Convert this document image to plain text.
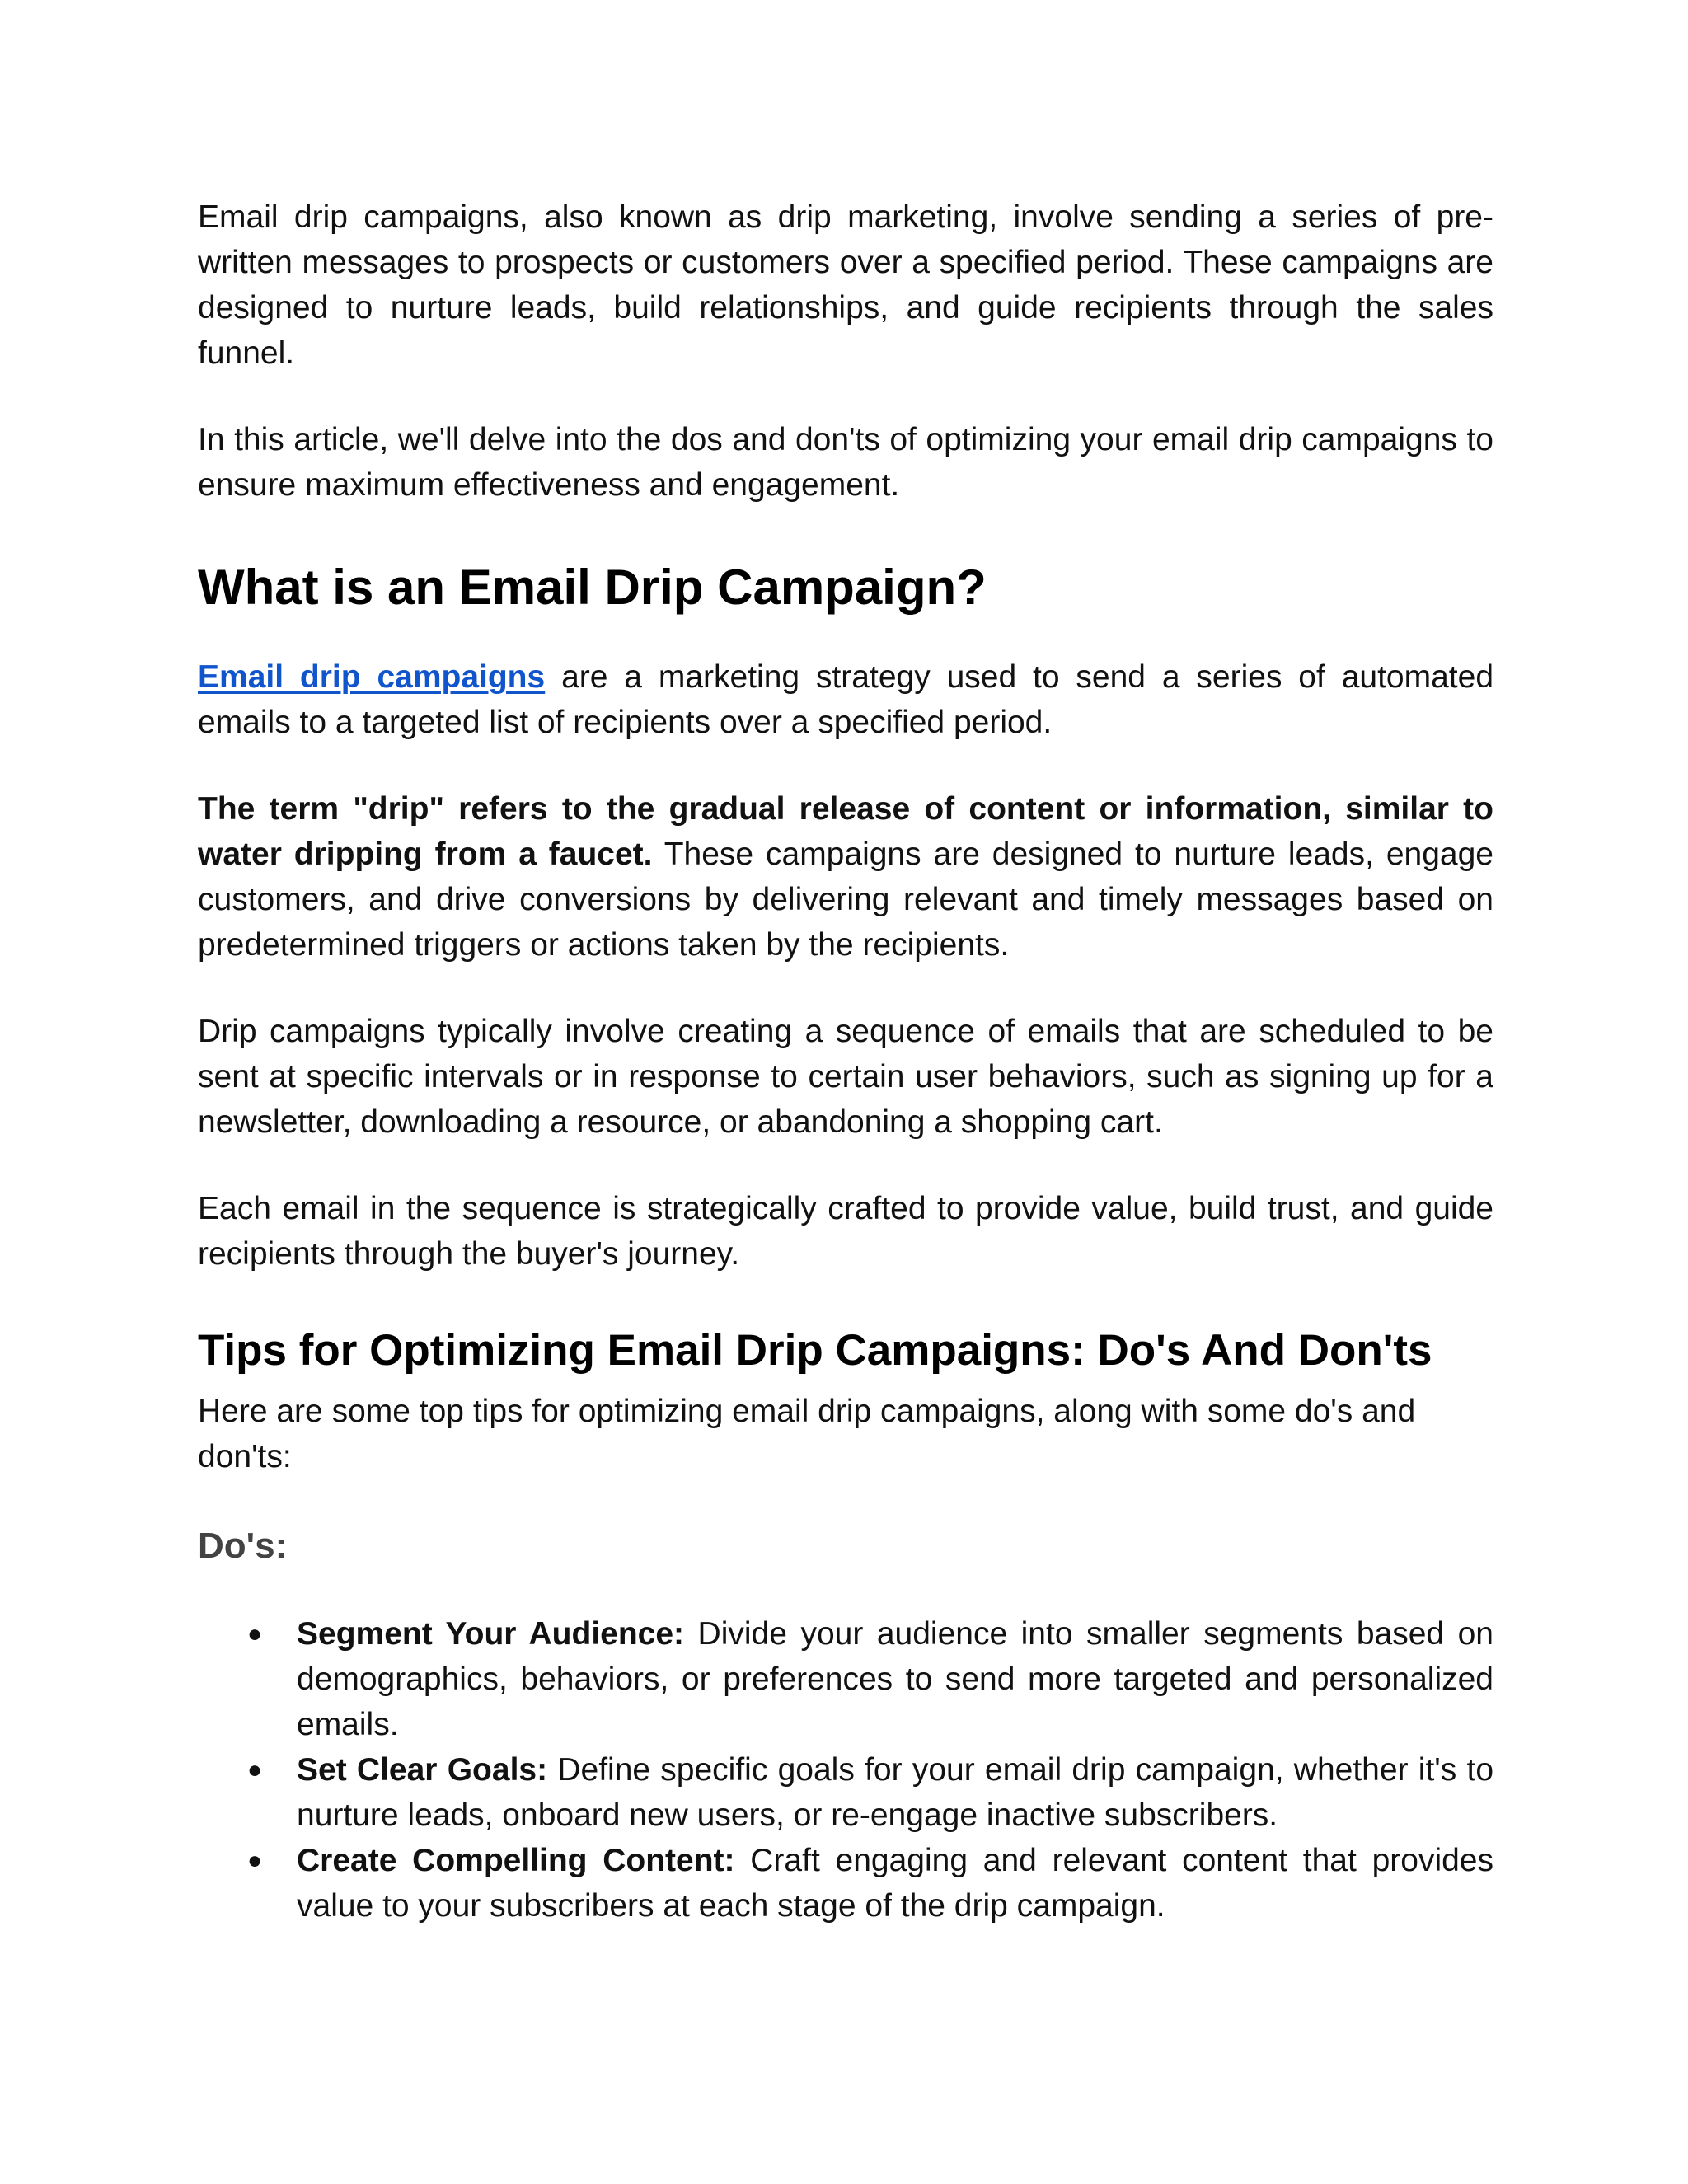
Email drip campaigns, also known as drip marketing, involve sending a series of pre-written messages to prospects or customers over a specified period. These campaigns are designed to nurture leads, build relationships, and guide recipients through the sales funnel.

In this article, we'll delve into the dos and don'ts of optimizing your email drip campaigns to ensure maximum effectiveness and engagement.

What is an Email Drip Campaign?

Email drip campaigns are a marketing strategy used to send a series of automated emails to a targeted list of recipients over a specified period.

The term "drip" refers to the gradual release of content or information, similar to water dripping from a faucet. These campaigns are designed to nurture leads, engage customers, and drive conversions by delivering relevant and timely messages based on predetermined triggers or actions taken by the recipients.

Drip campaigns typically involve creating a sequence of emails that are scheduled to be sent at specific intervals or in response to certain user behaviors, such as signing up for a newsletter, downloading a resource, or abandoning a shopping cart.

Each email in the sequence is strategically crafted to provide value, build trust, and guide recipients through the buyer's journey.

Tips for Optimizing Email Drip Campaigns: Do's And Don'ts

Here are some top tips for optimizing email drip campaigns, along with some do's and don'ts:

Do's:
● Segment Your Audience: Divide your audience into smaller segments based on demographics, behaviors, or preferences to send more targeted and personalized emails.
● Set Clear Goals: Define specific goals for your email drip campaign, whether it's to nurture leads, onboard new users, or re-engage inactive subscribers.
● Create Compelling Content: Craft engaging and relevant content that provides value to your subscribers at each stage of the drip campaign.
